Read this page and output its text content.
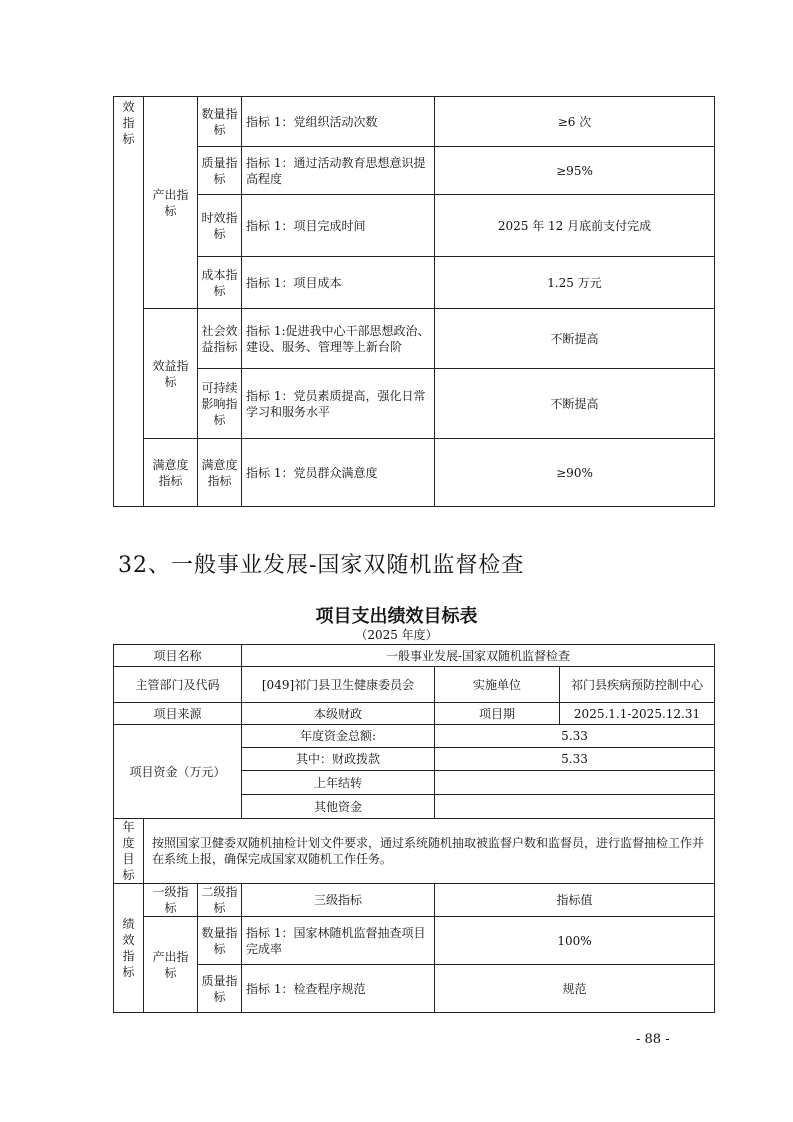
效指标	产出指标	数量指标	指标 1：党组织活动次数	≥6 次
		质量指标	指标 1：通过活动教育思想意识提高程度	≥95%
		时效指标	指标 1：项目完成时间	2025 年 12 月底前支付完成
		成本指标	指标 1：项目成本	1.25 万元
	效益指标	社会效益指标	指标 1:促进我中心干部思想政治、建设、服务、管理等上新台阶	不断提高
		可持续影响指标	指标 1：党员素质提高，强化日常学习和服务水平	不断提高
	满意度指标	满意度指标	指标 1：党员群众满意度	≥90%
32、一般事业发展-国家双随机监督检查
项目支出绩效目标表
（2025 年度）
项目名称			一般事业发展-国家双随机监督检查		
主管部门及代码			[049]祁门县卫生健康委员会	实施单位	祁门县疾病预防控制中心
项目来源			本级财政	项目期	2025.1.1-2025.12.31
项目资金（万元）			年度资金总额:	5.33	
			其中：财政拨款	5.33	
			上年结转		
			其他资金		
年度目标	按照国家卫健委双随机抽检计划文件要求，通过系统随机抽取被监督户数和监督员，进行监督抽检工作并在系统上报，确保完成国家双随机工作任务。				
绩效指标	一级指标	二级指标	三级指标	指标值	
	产出指标	数量指标	指标 1：国家林随机监督抽查项目完成率	100%	
		质量指标	指标 1：检查程序规范	规范	
- 88 -
